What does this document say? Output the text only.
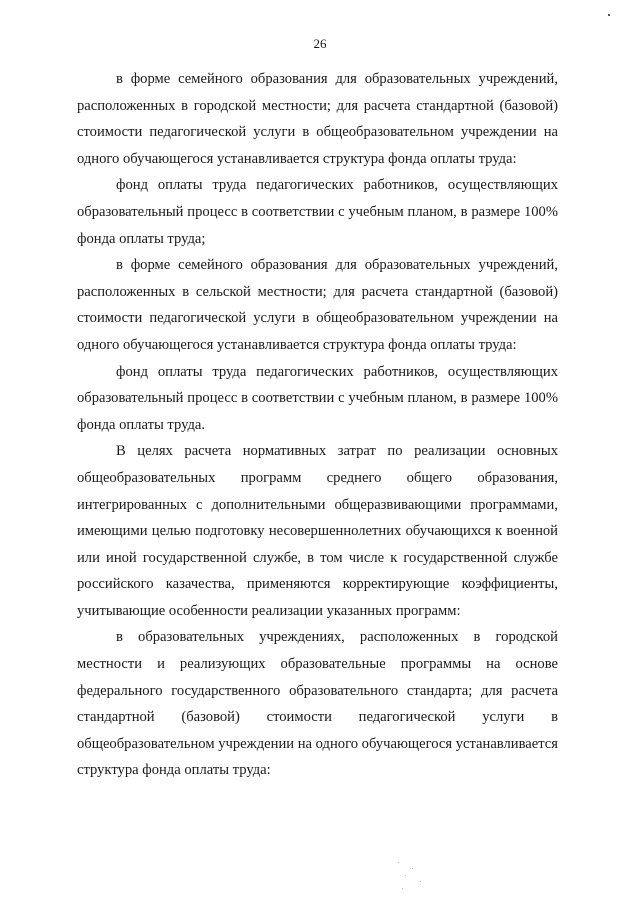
26

в форме семейного образования для образовательных учреждений, расположенных в городской местности; для расчета стандартной (базовой) стоимости педагогической услуги в общеобразовательном учреждении на одного обучающегося устанавливается структура фонда оплаты труда:

фонд оплаты труда педагогических работников, осуществляющих образовательный процесс в соответствии с учебным планом, в размере 100% фонда оплаты труда;

в форме семейного образования для образовательных учреждений, расположенных в сельской местности; для расчета стандартной (базовой) стоимости педагогической услуги в общеобразовательном учреждении на одного обучающегося устанавливается структура фонда оплаты труда:

фонд оплаты труда педагогических работников, осуществляющих образовательный процесс в соответствии с учебным планом, в размере 100% фонда оплаты труда.

В целях расчета нормативных затрат по реализации основных общеобразовательных программ среднего общего образования, интегрированных с дополнительными общеразвивающими программами, имеющими целью подготовку несовершеннолетних обучающихся к военной или иной государственной службе, в том числе к государственной службе российского казачества, применяются корректирующие коэффициенты, учитывающие особенности реализации указанных программ:

в образовательных учреждениях, расположенных в городской местности и реализующих образовательные программы на основе федерального государственного образовательного стандарта; для расчета стандартной (базовой) стоимости педагогической услуги в общеобразовательном учреждении на одного обучающегося устанавливается структура фонда оплаты труда:
